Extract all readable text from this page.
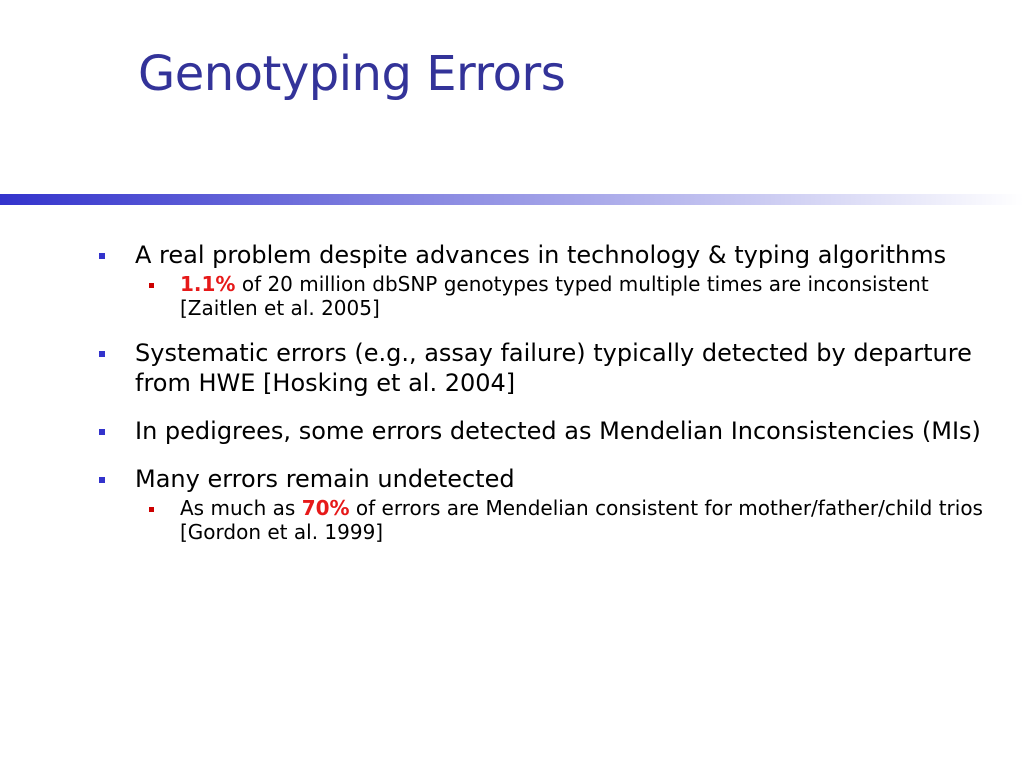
Genotyping Errors
A real problem despite advances in technology & typing algorithms
1.1% of 20 million dbSNP genotypes typed multiple times are inconsistent [Zaitlen et al. 2005]
Systematic errors (e.g., assay failure) typically detected by departure from HWE [Hosking et al. 2004]
In pedigrees, some errors detected as Mendelian Inconsistencies (MIs)
Many errors remain undetected
As much as 70% of errors are Mendelian consistent for mother/father/child trios [Gordon et al. 1999]
